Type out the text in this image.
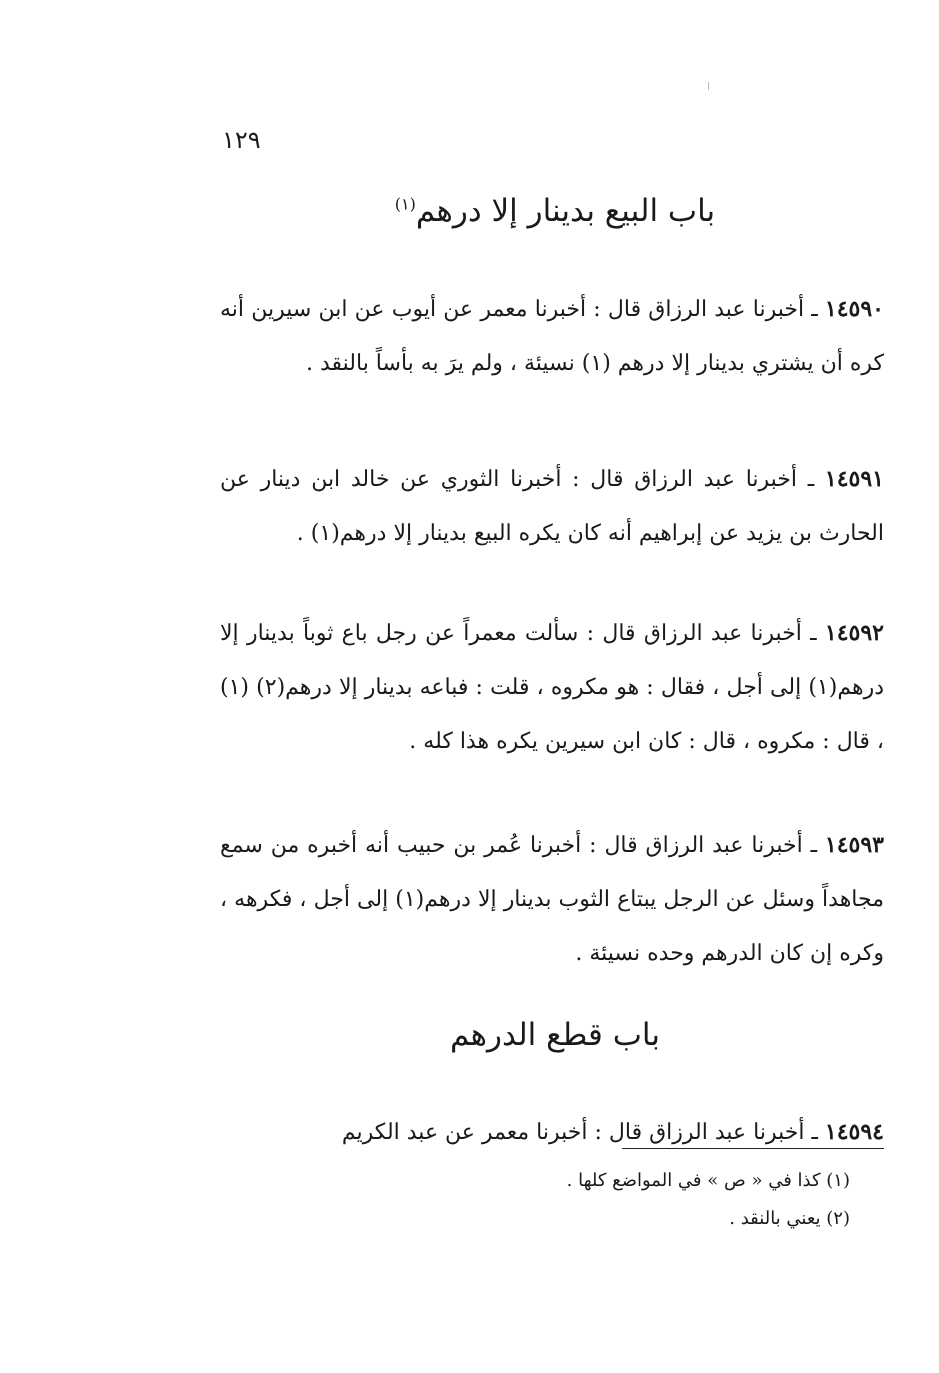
١٢٩
باب البيع بدينار إلا درهم$^{(١)}$

١٤٥٩٠ ـ أخبرنا عبد الرزاق قال : أخبرنا معمر عن أيوب عن ابن سيرين أنه كره أن يشتري بدينار إلا درهم (١) نسيئة ، ولم يرَ به بأساً بالنقد .

١٤٥٩١ ـ أخبرنا عبد الرزاق قال : أخبرنا الثوري عن خالد ابن دينار عن الحارث بن يزيد عن إبراهيم أنه كان يكره البيع بدينار إلا درهم(١) .

١٤٥٩٢ ـ أخبرنا عبد الرزاق قال : سألت معمراً عن رجل باع ثوباً بدينار إلا درهم(١) إلى أجل ، فقال : هو مكروه ، قلت : فباعه بدينار إلا درهم(٢) (١) ، قال : مكروه ، قال : كان ابن سيرين يكره هذا كله .

١٤٥٩٣ ـ أخبرنا عبد الرزاق قال : أخبرنا عُمر بن حبيب أنه أخبره من سمع مجاهداً وسئل عن الرجل يبتاع الثوب بدينار إلا درهم(١) إلى أجل ، فكرهه ، وكره إن كان الدرهم وحده نسيئة .

باب قطع الدرهم

١٤٥٩٤ ـ أخبرنا عبد الرزاق قال : أخبرنا معمر عن عبد الكريم

(١) كذا في « ص » في المواضع كلها .
(٢) يعني بالنقد .
